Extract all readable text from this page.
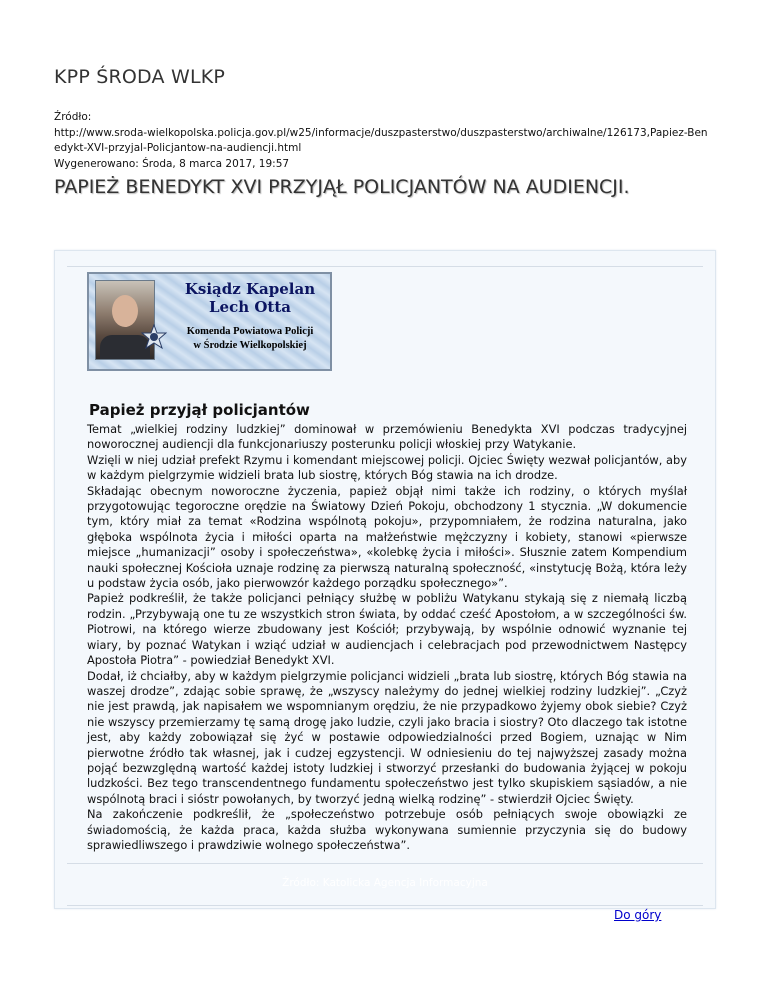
KPP ŚRODA WLKP
Źródło:
http://www.sroda-wielkopolska.policja.gov.pl/w25/informacje/duszpasterstwo/duszpasterstwo/archiwalne/126173,Papiez-Ben
edykt-XVI-przyjal-Policjantow-na-audiencji.html
Wygenerowano: Środa, 8 marca 2017, 19:57
PAPIEŻ BENEDYKT XVI PRZYJĄŁ POLICJANTÓW NA AUDIENCJI.
Ksiądz Kapelan
Lech Otta
Komenda Powiatowa Policji
w Środzie Wielkopolskiej
Papież przyjął policjantów

Temat „wielkiej rodziny ludzkiej” dominował w przemówieniu Benedykta XVI podczas tradycyjnej noworocznej audiencji dla funkcjonariuszy posterunku policji włoskiej przy Watykanie.

Wzięli w niej udział prefekt Rzymu i komendant miejscowej policji. Ojciec Święty wezwał policjantów, aby w każdym pielgrzymie widzieli brata lub siostrę, których Bóg stawia na ich drodze.

Składając obecnym noworoczne życzenia, papież objął nimi także ich rodziny, o których myślał przygotowując tegoroczne orędzie na Światowy Dzień Pokoju, obchodzony 1 stycznia. „W dokumencie tym, który miał za temat «Rodzina wspólnotą pokoju», przypomniałem, że rodzina naturalna, jako głęboka wspólnota życia i miłości oparta na małżeństwie mężczyzny i kobiety, stanowi «pierwsze miejsce „humanizacji” osoby i społeczeństwa», «kolebkę życia i miłości». Słusznie zatem Kompendium nauki społecznej Kościoła uznaje rodzinę za pierwszą naturalną społeczność, «instytucję Bożą, która leży u podstaw życia osób, jako pierwowzór każdego porządku społecznego»”.

Papież podkreślił, że także policjanci pełniący służbę w pobliżu Watykanu stykają się z niemałą liczbą rodzin. „Przybywają one tu ze wszystkich stron świata, by oddać cześć Apostołom, a w szczególności św. Piotrowi, na którego wierze zbudowany jest Kościół; przybywają, by wspólnie odnowić wyznanie tej wiary, by poznać Watykan i wziąć udział w audiencjach i celebracjach pod przewodnictwem Następcy Apostoła Piotra” - powiedział Benedykt XVI.

Dodał, iż chciałby, aby w każdym pielgrzymie policjanci widzieli „brata lub siostrę, których Bóg stawia na waszej drodze”, zdając sobie sprawę, że „wszyscy należymy do jednej wielkiej rodziny ludzkiej”. „Czyż nie jest prawdą, jak napisałem we wspomnianym orędziu, że nie przypadkowo żyjemy obok siebie? Czyż nie wszyscy przemierzamy tę samą drogę jako ludzie, czyli jako bracia i siostry? Oto dlaczego tak istotne jest, aby każdy zobowiązał się żyć w postawie odpowiedzialności przed Bogiem, uznając w Nim pierwotne źródło tak własnej, jak i cudzej egzystencji. W odniesieniu do tej najwyższej zasady można pojąć bezwzględną wartość każdej istoty ludzkiej i stworzyć przesłanki do budowania żyjącej w pokoju ludzkości. Bez tego transcendentnego fundamentu społeczeństwo jest tylko skupiskiem sąsiadów, a nie wspólnotą braci i sióstr powołanych, by tworzyć jedną wielką rodzinę” - stwierdził Ojciec Święty.

Na zakończenie podkreślił, że „społeczeństwo potrzebuje osób pełniących swoje obowiązki ze świadomością, że każda praca, każda służba wykonywana sumiennie przyczynia się do budowy sprawiedliwszego i prawdziwie wolnego społeczeństwa”.

Źródło: Katolicka Agencja Informacyjna
Do góry
